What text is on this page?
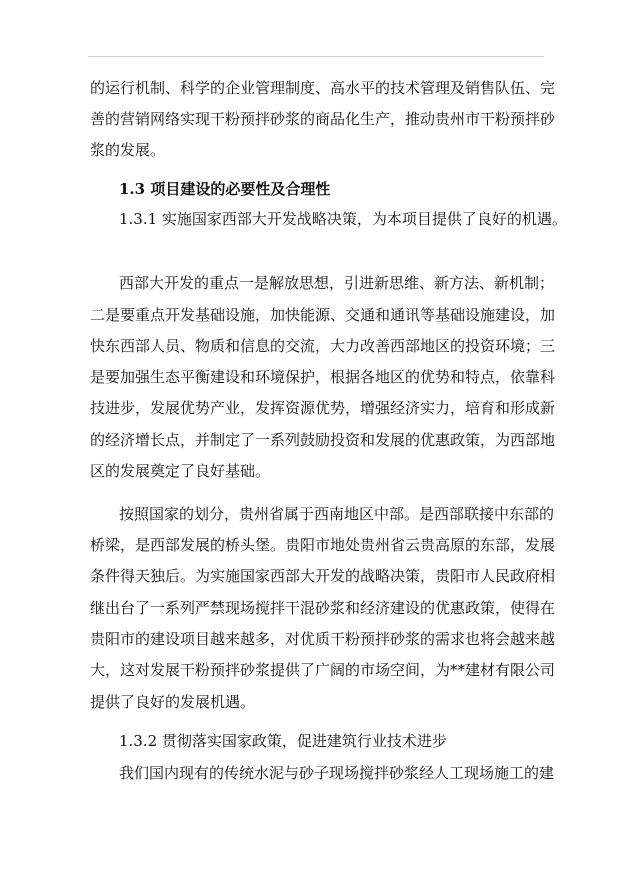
的运行机制、科学的企业管理制度、高水平的技术管理及销售队伍、完
善的营销网络实现干粉预拌砂浆的商品化生产，推动贵州市干粉预拌砂
浆的发展。
1.3 项目建设的必要性及合理性
1.3.1 实施国家西部大开发战略决策，为本项目提供了良好的机遇。
西部大开发的重点一是解放思想，引进新思维、新方法、新机制；
二是要重点开发基础设施，加快能源、交通和通讯等基础设施建设，加
快东西部人员、物质和信息的交流，大力改善西部地区的投资环境；三
是要加强生态平衡建设和环境保护，根据各地区的优势和特点，依靠科
技进步，发展优势产业，发挥资源优势，增强经济实力，培育和形成新
的经济增长点，并制定了一系列鼓励投资和发展的优惠政策，为西部地
区的发展奠定了良好基础。
按照国家的划分，贵州省属于西南地区中部。是西部联接中东部的
桥梁，是西部发展的桥头堡。贵阳市地处贵州省云贵高原的东部，发展
条件得天独后。为实施国家西部大开发的战略决策，贵阳市人民政府相
继出台了一系列严禁现场搅拌干混砂浆和经济建设的优惠政策，使得在
贵阳市的建设项目越来越多，对优质干粉预拌砂浆的需求也将会越来越
大，这对发展干粉预拌砂浆提供了广阔的市场空间，为**建材有限公司
提供了良好的发展机遇。
1.3.2 贯彻落实国家政策，促进建筑行业技术进步
我们国内现有的传统水泥与砂子现场搅拌砂浆经人工现场施工的建
